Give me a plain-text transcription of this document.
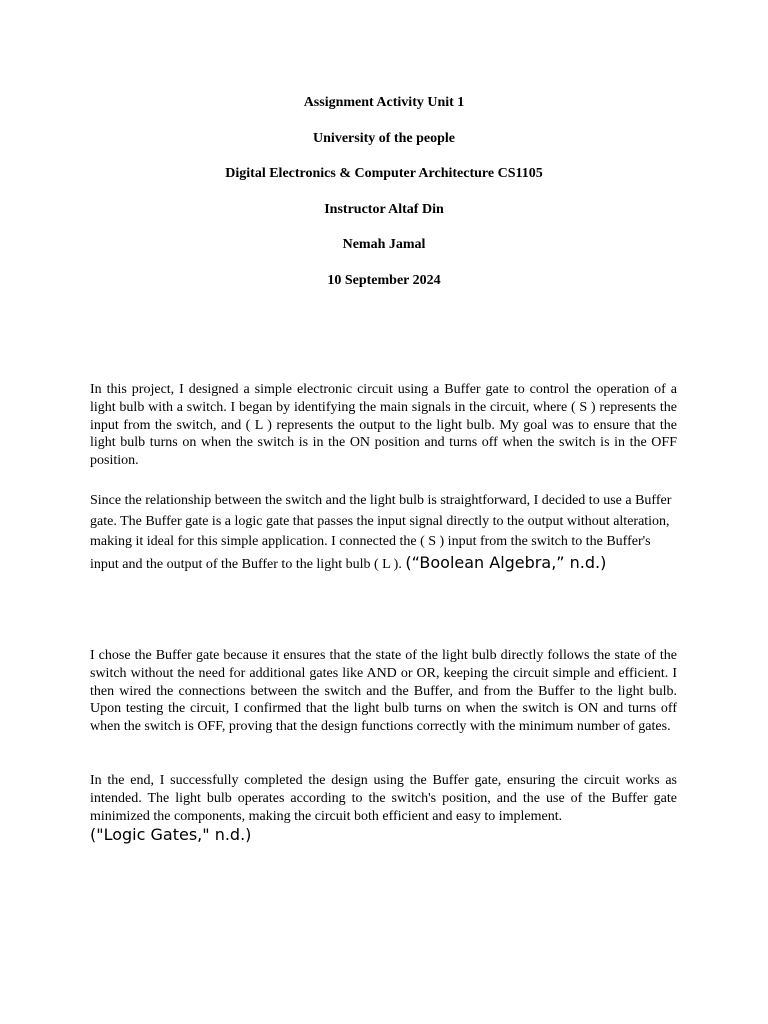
Assignment Activity Unit 1
University of the people
Digital Electronics & Computer Architecture CS1105
Instructor Altaf Din
Nemah Jamal
10 September 2024

In this project, I designed a simple electronic circuit using a Buffer gate to control the operation of a light bulb with a switch. I began by identifying the main signals in the circuit, where ( S ) represents the input from the switch, and ( L ) represents the output to the light bulb. My goal was to ensure that the light bulb turns on when the switch is in the ON position and turns off when the switch is in the OFF position.

Since the relationship between the switch and the light bulb is straightforward, I decided to use a Buffer gate. The Buffer gate is a logic gate that passes the input signal directly to the output without alteration, making it ideal for this simple application. I connected the ( S ) input from the switch to the Buffer's input and the output of the Buffer to the light bulb ( L ). (“Boolean Algebra,” n.d.)

I chose the Buffer gate because it ensures that the state of the light bulb directly follows the state of the switch without the need for additional gates like AND or OR, keeping the circuit simple and efficient. I then wired the connections between the switch and the Buffer, and from the Buffer to the light bulb. Upon testing the circuit, I confirmed that the light bulb turns on when the switch is ON and turns off when the switch is OFF, proving that the design functions correctly with the minimum number of gates.

In the end, I successfully completed the design using the Buffer gate, ensuring the circuit works as intended. The light bulb operates according to the switch's position, and the use of the Buffer gate minimized the components, making the circuit both efficient and easy to implement.

("Logic Gates," n.d.)
